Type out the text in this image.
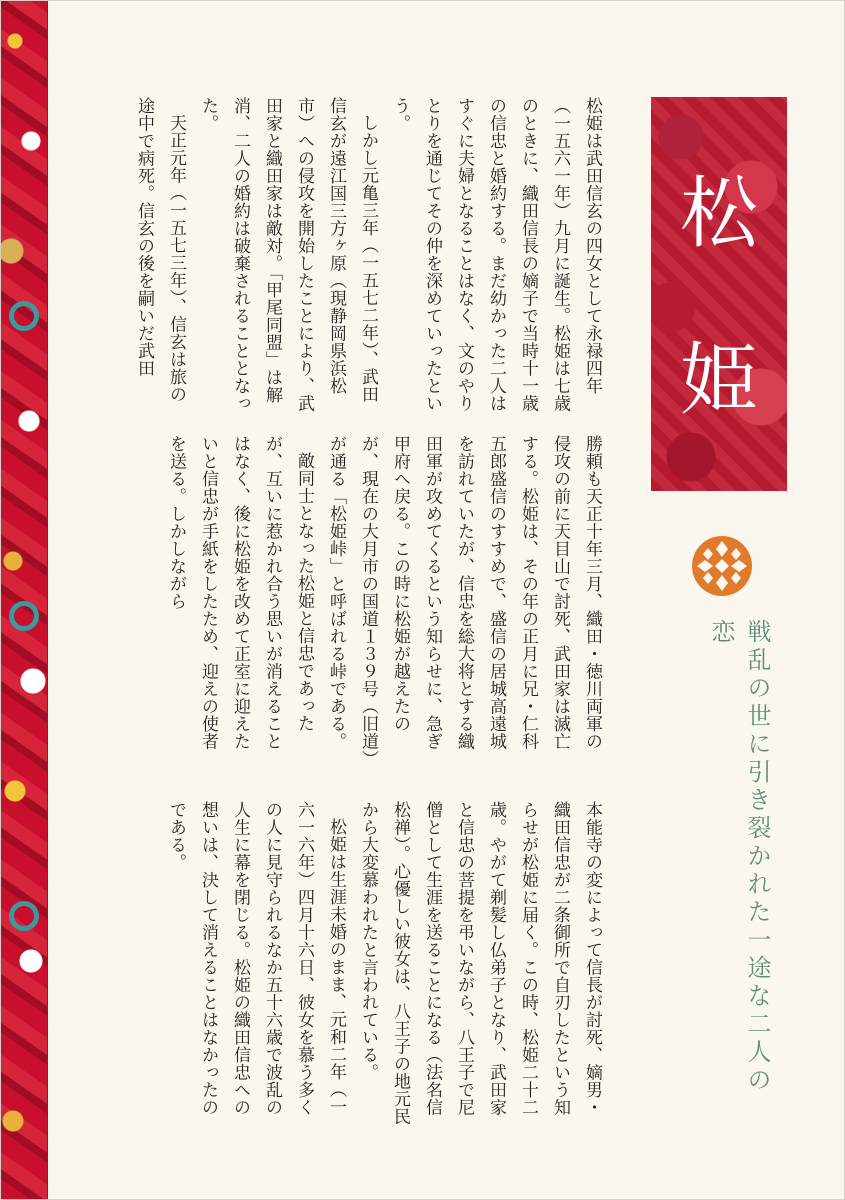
松
姫
戦乱の世に引き裂かれた一途な二人の恋

松姫は武田信玄の四女として永禄四年（一五六一年）九月に誕生。松姫は七歳のときに、織田信長の嫡子で当時十一歳の信忠と婚約する。まだ幼かった二人はすぐに夫婦となることはなく、文のやりとりを通じてその仲を深めていったという。

しかし元亀三年（一五七二年）、武田信玄が遠江国三方ヶ原（現静岡県浜松市）への侵攻を開始したことにより、武田家と織田家は敵対。「甲尾同盟」は解消、二人の婚約は破棄されることとなった。

天正元年（一五七三年）、信玄は旅の途中で病死。信玄の後を嗣いだ武田

勝頼も天正十年三月、織田・徳川両軍の侵攻の前に天目山で討死、武田家は滅亡する。松姫は、その年の正月に兄・仁科五郎盛信のすすめで、盛信の居城高遠城を訪れていたが、信忠を総大将とする織田軍が攻めてくるという知らせに、急ぎ甲府へ戻る。この時に松姫が越えたのが、現在の大月市の国道１３９号（旧道）が通る「松姫峠」と呼ばれる峠である。

敵同士となった松姫と信忠であったが、互いに惹かれ合う思いが消えることはなく、後に松姫を改めて正室に迎えたいと信忠が手紙をしたため、迎えの使者を送る。しかしながら

本能寺の変によって信長が討死、嫡男・織田信忠が二条御所で自刃したという知らせが松姫に届く。この時、松姫二十二歳。やがて剃髪し仏弟子となり、武田家と信忠の菩提を弔いながら、八王子で尼僧として生涯を送ることになる（法名信松禅）。心優しい彼女は、八王子の地元民から大変慕われたと言われている。

松姫は生涯未婚のまま、元和二年（一六一六年）四月十六日、彼女を慕う多くの人に見守られるなか五十六歳で波乱の人生に幕を閉じる。松姫の織田信忠への想いは、決して消えることはなかったのである。
